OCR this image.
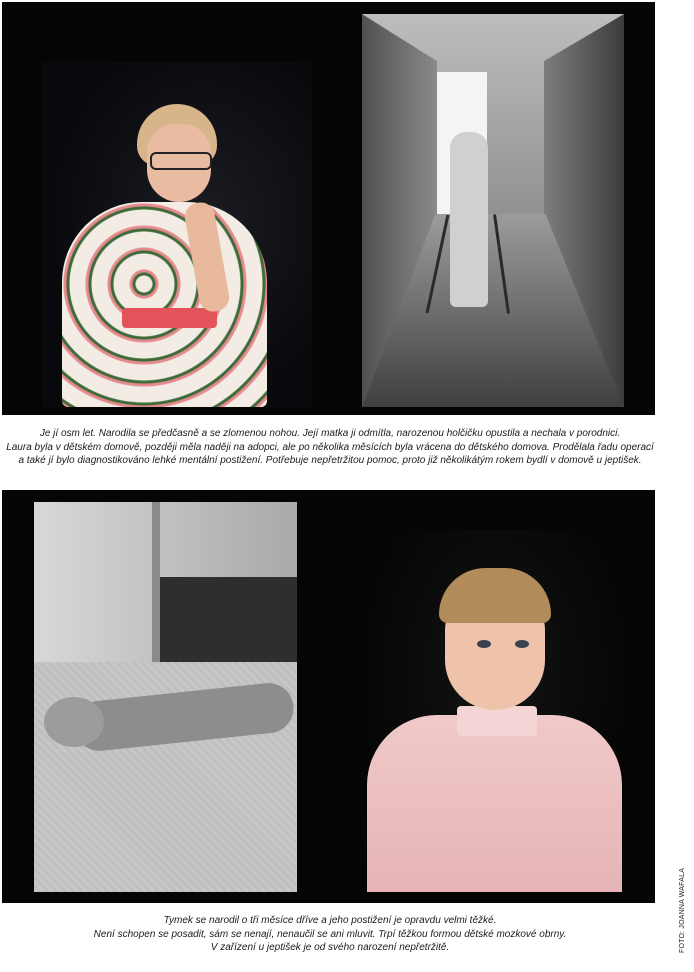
Je jí osm let. Narodila se předčasně a se zlomenou nohou. Její matka ji odmítla, narozenou holčičku opustila a nechala v porodnici.
Laura byla v dětském domově, později měla naději na adopci, ale po několika měsících byla vrácena do dětského domova. Prodělala řadu operací
a také jí bylo diagnostikováno lehké mentální postižení. Potřebuje nepřetržitou pomoc, proto již několikátým rokem bydlí v domově u jeptišek.
Tymek se narodil o tři měsíce dříve a jeho postižení je opravdu velmi těžké.
Není schopen se posadit, sám se nenají, nenaučil se ani mluvit. Trpí těžkou formou dětské mozkové obrny.
V zařízení u jeptišek je od svého narození nepřetržitě.	FOTO: JOANNA WAFALA
